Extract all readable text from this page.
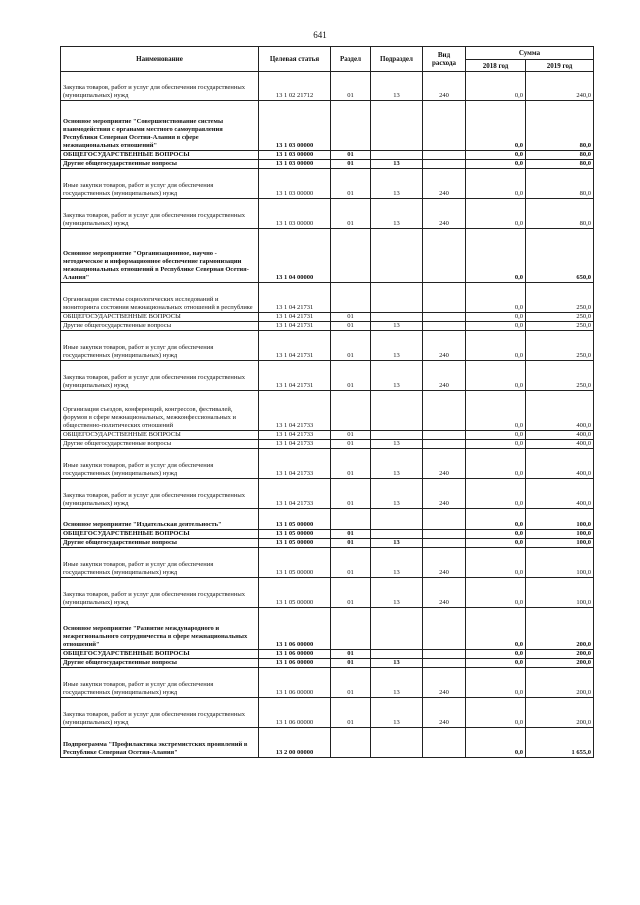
641
Наименование	Целевая статья	Раздел	Подраздел	Вид
расхода	Сумма	
					2018 год	2019 год
Закупка товаров, работ и услуг для обеспечения государственных (муниципальных) нужд	13 1 02 21712	01	13	240	0,0	240,0
Основное мероприятие "Совершенствование системы взаимодействия с органами местного самоуправления Республики Северная Осетия-Алания в сфере межнациональных отношений"	13 1 03 00000				0,0	80,0
ОБЩЕГОСУДАРСТВЕННЫЕ ВОПРОСЫ	13 1 03 00000	01			0,0	80,0
Другие общегосударственные вопросы	13 1 03 00000	01	13		0,0	80,0
Иные закупки товаров, работ и услуг для обеспечения государственных (муниципальных) нужд	13 1 03 00000	01	13	240	0,0	80,0
Закупка товаров, работ и услуг для обеспечения государственных (муниципальных) нужд	13 1 03 00000	01	13	240	0,0	80,0
Основное мероприятие "Организационное, научно - методическое и информационное обеспечение гармонизации межнациональных отношений в Республике Северная Осетия-Алания"	13 1 04 00000				0,0	650,0
Организация системы социологических исследований и мониторинга состояния межнациональных отношений в республике	13 1 04 21731				0,0	250,0
ОБЩЕГОСУДАРСТВЕННЫЕ ВОПРОСЫ	13 1 04 21731	01			0,0	250,0
Другие общегосударственные вопросы	13 1 04 21731	01	13		0,0	250,0
Иные закупки товаров, работ и услуг для обеспечения государственных (муниципальных) нужд	13 1 04 21731	01	13	240	0,0	250,0
Закупка товаров, работ и услуг для обеспечения государственных (муниципальных) нужд	13 1 04 21731	01	13	240	0,0	250,0
Организация съездов, конференций, конгрессов, фестивалей, форумов в сфере межнациональных, межконфессиональных и общественно-политических отношений	13 1 04 21733				0,0	400,0
ОБЩЕГОСУДАРСТВЕННЫЕ ВОПРОСЫ	13 1 04 21733	01			0,0	400,0
Другие общегосударственные вопросы	13 1 04 21733	01	13		0,0	400,0
Иные закупки товаров, работ и услуг для обеспечения государственных (муниципальных) нужд	13 1 04 21733	01	13	240	0,0	400,0
Закупка товаров, работ и услуг для обеспечения государственных (муниципальных) нужд	13 1 04 21733	01	13	240	0,0	400,0
Основное мероприятие "Издательская деятельность"	13 1 05 00000				0,0	100,0
ОБЩЕГОСУДАРСТВЕННЫЕ ВОПРОСЫ	13 1 05 00000	01			0,0	100,0
Другие общегосударственные вопросы	13 1 05 00000	01	13		0,0	100,0
Иные закупки товаров, работ и услуг для обеспечения государственных (муниципальных) нужд	13 1 05 00000	01	13	240	0,0	100,0
Закупка товаров, работ и услуг для обеспечения государственных (муниципальных) нужд	13 1 05 00000	01	13	240	0,0	100,0
Основное мероприятие "Развитие международного и межрегионального сотрудничества в сфере межнациональных отношений"	13 1 06 00000				0,0	200,0
ОБЩЕГОСУДАРСТВЕННЫЕ ВОПРОСЫ	13 1 06 00000	01			0,0	200,0
Другие общегосударственные вопросы	13 1 06 00000	01	13		0,0	200,0
Иные закупки товаров, работ и услуг для обеспечения государственных (муниципальных) нужд	13 1 06 00000	01	13	240	0,0	200,0
Закупка товаров, работ и услуг для обеспечения государственных (муниципальных) нужд	13 1 06 00000	01	13	240	0,0	200,0
Подпрограмма "Профилактика экстремистских проявлений в Республике Северная Осетия-Алания"	13 2 00 00000				0,0	1 655,0
